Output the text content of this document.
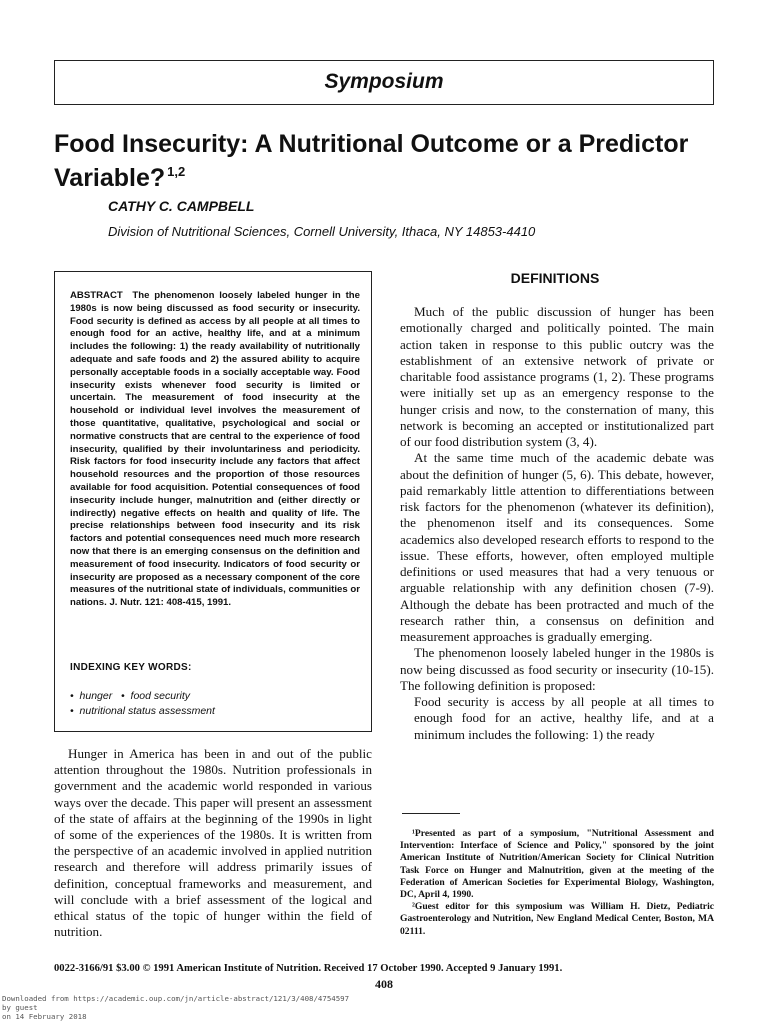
Symposium
Food Insecurity: A Nutritional Outcome or a Predictor Variable? $^{1,2}$
CATHY C. CAMPBELL
Division of Nutritional Sciences, Cornell University, Ithaca, NY 14853-4410
ABSTRACT The phenomenon loosely labeled hunger in the 1980s is now being discussed as food security or insecurity. Food security is defined as access by all people at all times to enough food for an active, healthy life, and at a minimum includes the following: 1) the ready availability of nutritionally adequate and safe foods and 2) the assured ability to acquire personally acceptable foods in a socially acceptable way. Food insecurity exists whenever food security is limited or uncertain. The measurement of food insecurity at the household or individual level involves the measurement of those quantitative, qualitative, psychological and social or normative constructs that are central to the experience of food insecurity, qualified by their involuntariness and periodicity. Risk factors for food insecurity include any factors that affect household resources and the proportion of those resources available for food acquisition. Potential consequences of food insecurity include hunger, malnutrition and (either directly or indirectly) negative effects on health and quality of life. The precise relationships between food insecurity and its risk factors and potential consequences need much more research now that there is an emerging consensus on the definition and measurement of food insecurity. Indicators of food security or insecurity are proposed as a necessary component of the core measures of the nutritional state of individuals, communities or nations. J. Nutr. 121: 408-415, 1991.
INDEXING KEY WORDS:
• hunger • food security
• nutritional status assessment

Hunger in America has been in and out of the public attention throughout the 1980s. Nutrition professionals in government and the academic world responded in various ways over the decade. This paper will present an assessment of the state of affairs at the beginning of the 1990s in light of some of the experiences of the 1980s. It is written from the perspective of an academic involved in applied nutrition research and therefore will address primarily issues of definition, conceptual frameworks and measurement, and will conclude with a brief assessment of the logical and ethical status of the topic of hunger within the field of nutrition.

DEFINITIONS

Much of the public discussion of hunger has been emotionally charged and politically pointed. The main action taken in response to this public outcry was the establishment of an extensive network of private or charitable food assistance programs (1, 2). These programs were initially set up as an emergency response to the hunger crisis and now, to the consternation of many, this network is becoming an accepted or institutionalized part of our food distribution system (3, 4).

At the same time much of the academic debate was about the definition of hunger (5, 6). This debate, however, paid remarkably little attention to differentiations between risk factors for the phenomenon (whatever its definition), the phenomenon itself and its consequences. Some academics also developed research efforts to respond to the issue. These efforts, however, often employed multiple definitions or used measures that had a very tenuous or arguable relationship with any definition chosen (7-9). Although the debate has been protracted and much of the research rather thin, a consensus on definition and measurement approaches is gradually emerging.

The phenomenon loosely labeled hunger in the 1980s is now being discussed as food security or insecurity (10-15). The following definition is proposed:

Food security is access by all people at all times to enough food for an active, healthy life, and at a minimum includes the following: 1) the ready

¹Presented as part of a symposium, "Nutritional Assessment and Intervention: Interface of Science and Policy," sponsored by the joint American Institute of Nutrition/American Society for Clinical Nutrition Task Force on Hunger and Malnutrition, given at the meeting of the Federation of American Societies for Experimental Biology, Washington, DC, April 4, 1990.

²Guest editor for this symposium was William H. Dietz, Pediatric Gastroenterology and Nutrition, New England Medical Center, Boston, MA 02111.

0022-3166/91 $3.00 © 1991 American Institute of Nutrition. Received 17 October 1990. Accepted 9 January 1991.
408
Downloaded from https://academic.oup.com/jn/article-abstract/121/3/408/4754597
by guest
on 14 February 2018
